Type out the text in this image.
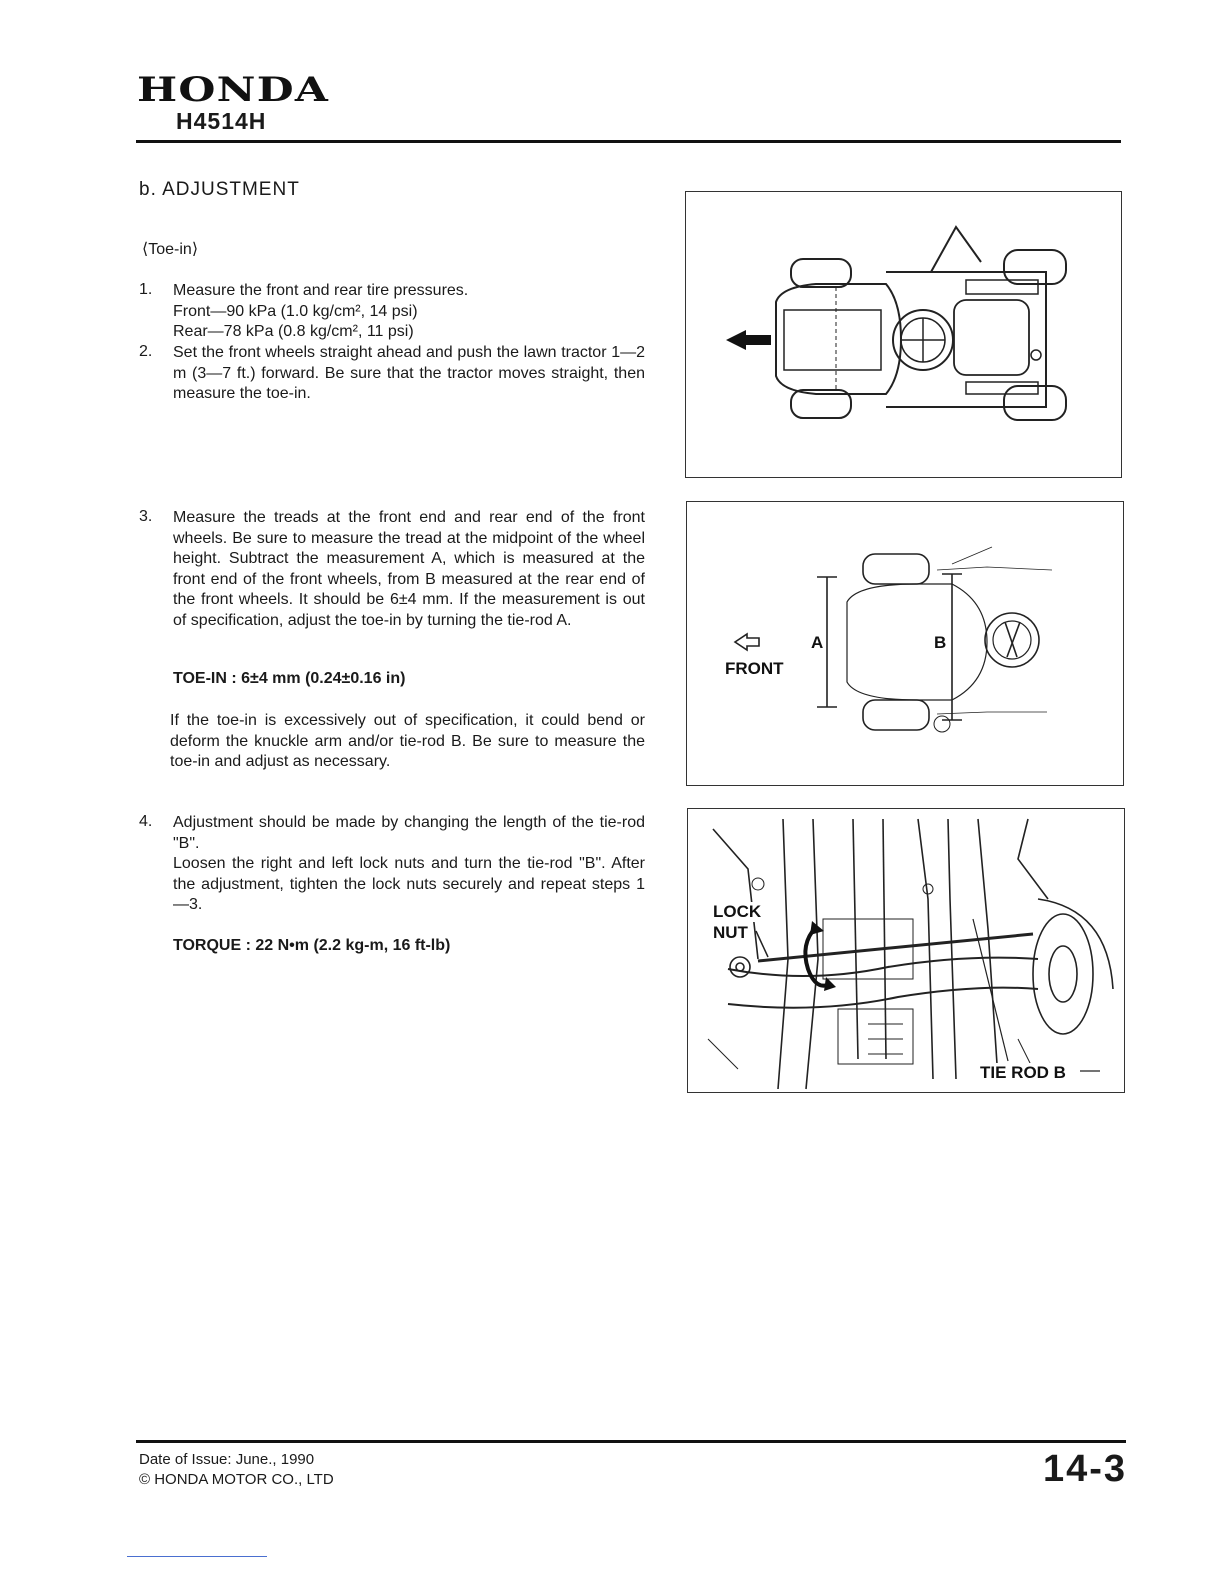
HONDA
H4514H
b. ADJUSTMENT
⟨Toe-in⟩
1. Measure the front and rear tire pressures.
Front—90 kPa (1.0 kg/cm², 14 psi)
Rear—78 kPa (0.8 kg/cm², 11 psi)
2. Set the front wheels straight ahead and push the lawn tractor 1—2 m (3—7 ft.) forward. Be sure that the tractor moves straight, then measure the toe-in.
3. Measure the treads at the front end and rear end of the front wheels. Be sure to measure the tread at the midpoint of the wheel height. Subtract the measurement A, which is measured at the front end of the front wheels, from B measured at the rear end of the front wheels. It should be 6±4 mm. If the measurement is out of specification, adjust the toe-in by turning the tie-rod A.
TOE-IN : 6±4 mm (0.24±0.16 in)
If the toe-in is excessively out of specification, it could bend or deform the knuckle arm and/or tie-rod B. Be sure to measure the toe-in and adjust as necessary.
4. Adjustment should be made by changing the length of the tie-rod "B".
Loosen the right and left lock nuts and turn the tie-rod "B". After the adjustment, tighten the lock nuts securely and repeat steps 1—3.
TORQUE : 22 N•m (2.2 kg-m, 16 ft-lb)
A	B
FRONT
LOCK
NUT
TIE ROD B
Date of Issue: June., 1990
© HONDA MOTOR CO., LTD	14-3
